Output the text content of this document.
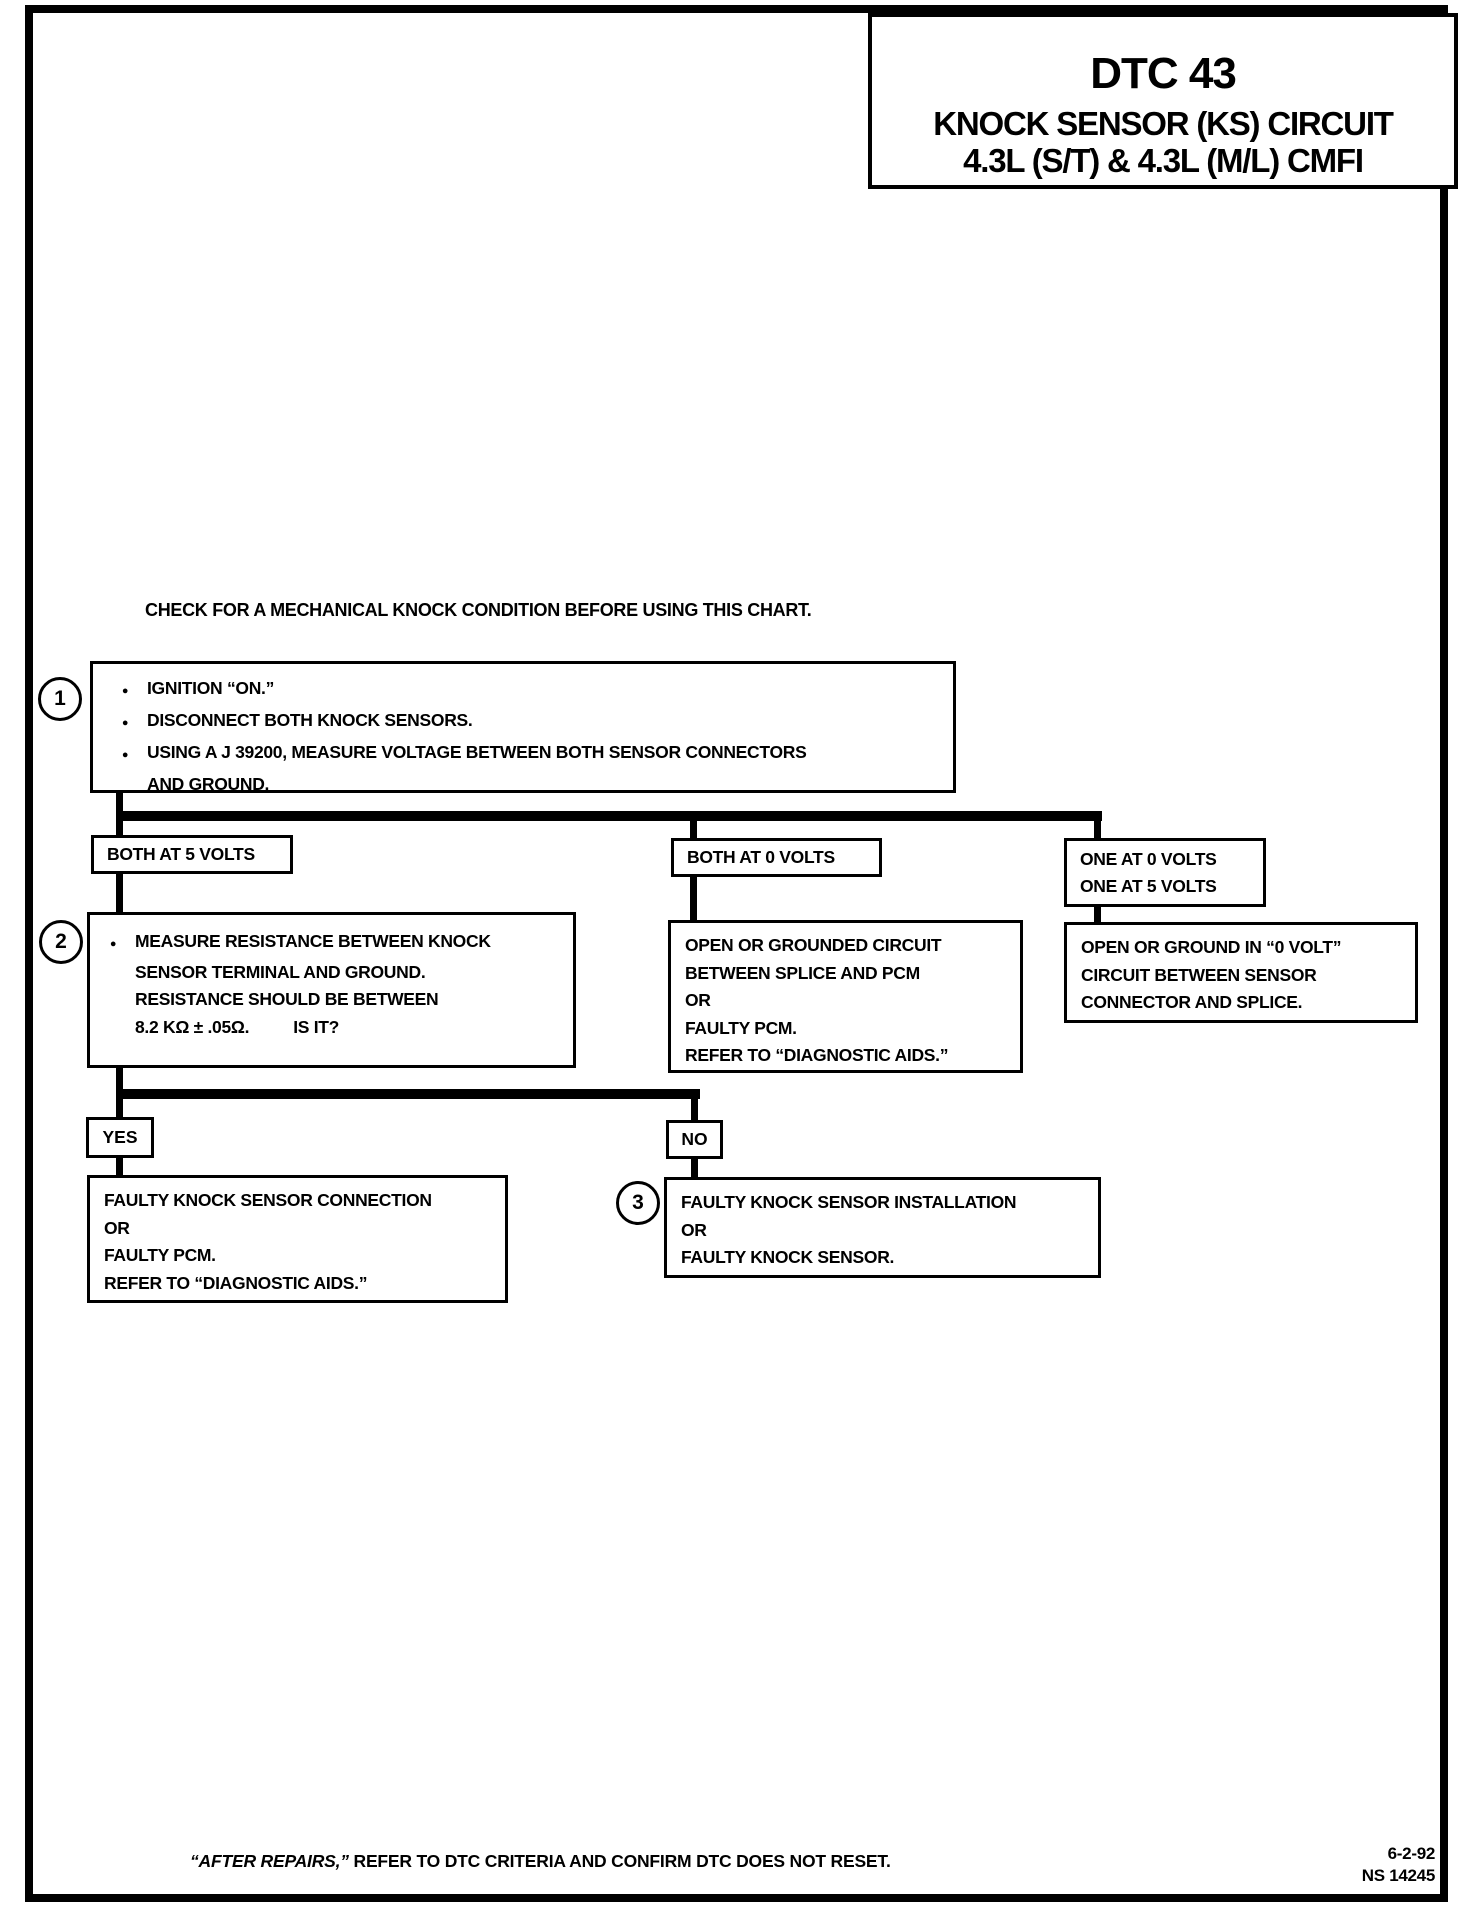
DTC 43
KNOCK SENSOR (KS) CIRCUIT
4.3L (S/T) & 4.3L (M/L) CMFI
CHECK FOR A MECHANICAL KNOCK CONDITION BEFORE USING THIS CHART.
1	● IGNITION “ON.”
● DISCONNECT BOTH KNOCK SENSORS.
● USING A J 39200, MEASURE VOLTAGE BETWEEN BOTH SENSOR CONNECTORS
AND GROUND.
BOTH AT 5 VOLTS	BOTH AT 0 VOLTS	ONE AT 0 VOLTS
ONE AT 5 VOLTS
2	● MEASURE RESISTANCE BETWEEN KNOCK
SENSOR TERMINAL AND GROUND.
RESISTANCE SHOULD BE BETWEEN
8.2 KΩ ± .05Ω.	IS IT?
OPEN OR GROUNDED CIRCUIT
BETWEEN SPLICE AND PCM
OR
FAULTY PCM.
REFER TO “DIAGNOSTIC AIDS.”
OPEN OR GROUND IN “0 VOLT”
CIRCUIT BETWEEN SENSOR
CONNECTOR AND SPLICE.
YES	NO
FAULTY KNOCK SENSOR CONNECTION
OR
FAULTY PCM.
REFER TO “DIAGNOSTIC AIDS.”
3 FAULTY KNOCK SENSOR INSTALLATION
OR
FAULTY KNOCK SENSOR.
“AFTER REPAIRS,” REFER TO DTC CRITERIA AND CONFIRM DTC DOES NOT RESET.	6-2-92
NS 14245
